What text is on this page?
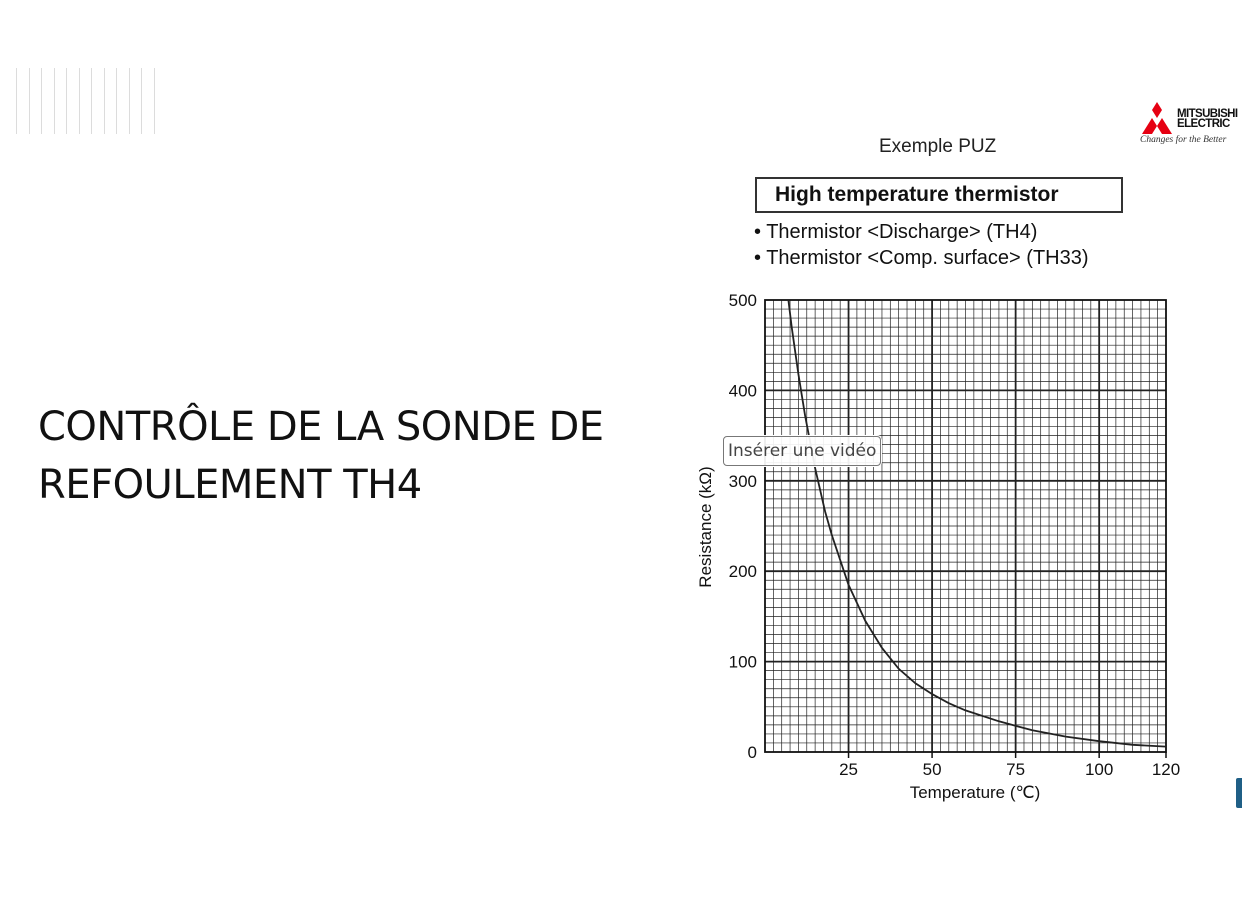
CONTRÔLE DE LA SONDE DE REFOULEMENT TH4
MITSUBISHI
ELECTRIC
Changes for the Better
Exemple PUZ
High temperature thermistor
• Thermistor <Discharge> (TH4)
• Thermistor <Comp. surface> (TH33)
25	50	75	100 120
0
100
200
300
400
500
Temperature (℃)
Resistance (kΩ)
Insérer une vidéo
